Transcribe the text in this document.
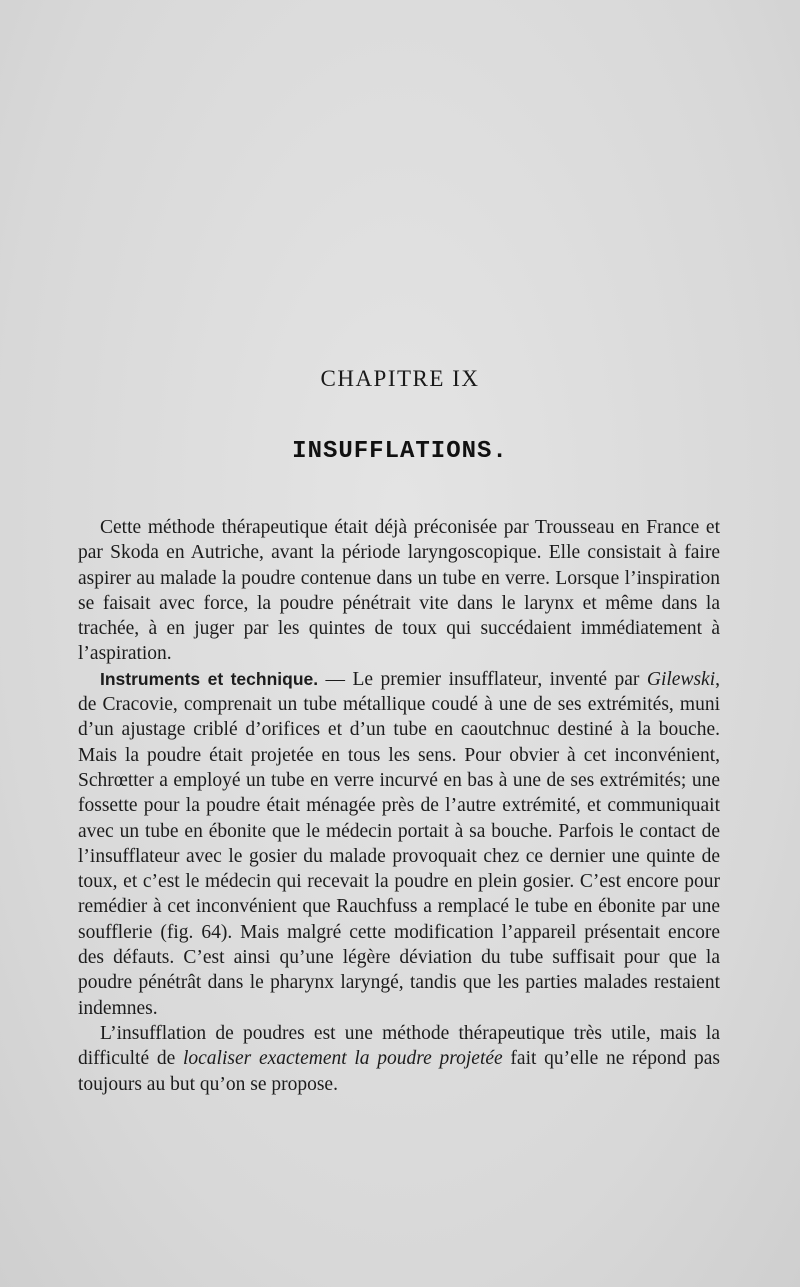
CHAPITRE IX
INSUFFLATIONS.

Cette méthode thérapeutique était déjà préconisée par Trousseau en France et par Skoda en Autriche, avant la période laryngoscopique. Elle consistait à faire aspirer au malade la poudre contenue dans un tube en verre. Lorsque l’inspiration se faisait avec force, la poudre pénétrait vite dans le larynx et même dans la trachée, à en juger par les quintes de toux qui succédaient immédiatement à l’aspiration.

Instruments et technique. — Le premier insufflateur, inventé par Gilewski, de Cracovie, comprenait un tube métallique coudé à une de ses extrémités, muni d’un ajustage criblé d’orifices et d’un tube en caoutchnuc destiné à la bouche. Mais la poudre était projetée en tous les sens. Pour obvier à cet inconvénient, Schrœtter a employé un tube en verre incurvé en bas à une de ses extrémités; une fossette pour la poudre était ménagée près de l’autre extrémité, et communiquait avec un tube en ébonite que le médecin portait à sa bouche. Parfois le contact de l’insufflateur avec le gosier du malade provoquait chez ce dernier une quinte de toux, et c’est le médecin qui recevait la poudre en plein gosier. C’est encore pour remédier à cet inconvénient que Rauchfuss a remplacé le tube en ébonite par une soufflerie (fig. 64). Mais malgré cette modification l’appareil présentait encore des défauts. C’est ainsi qu’une légère déviation du tube suffisait pour que la poudre pénétrât dans le pharynx laryngé, tandis que les parties malades restaient indemnes.

L’insufflation de poudres est une méthode thérapeutique très utile, mais la difficulté de localiser exactement la poudre projetée fait qu’elle ne répond pas toujours au but qu’on se propose.
